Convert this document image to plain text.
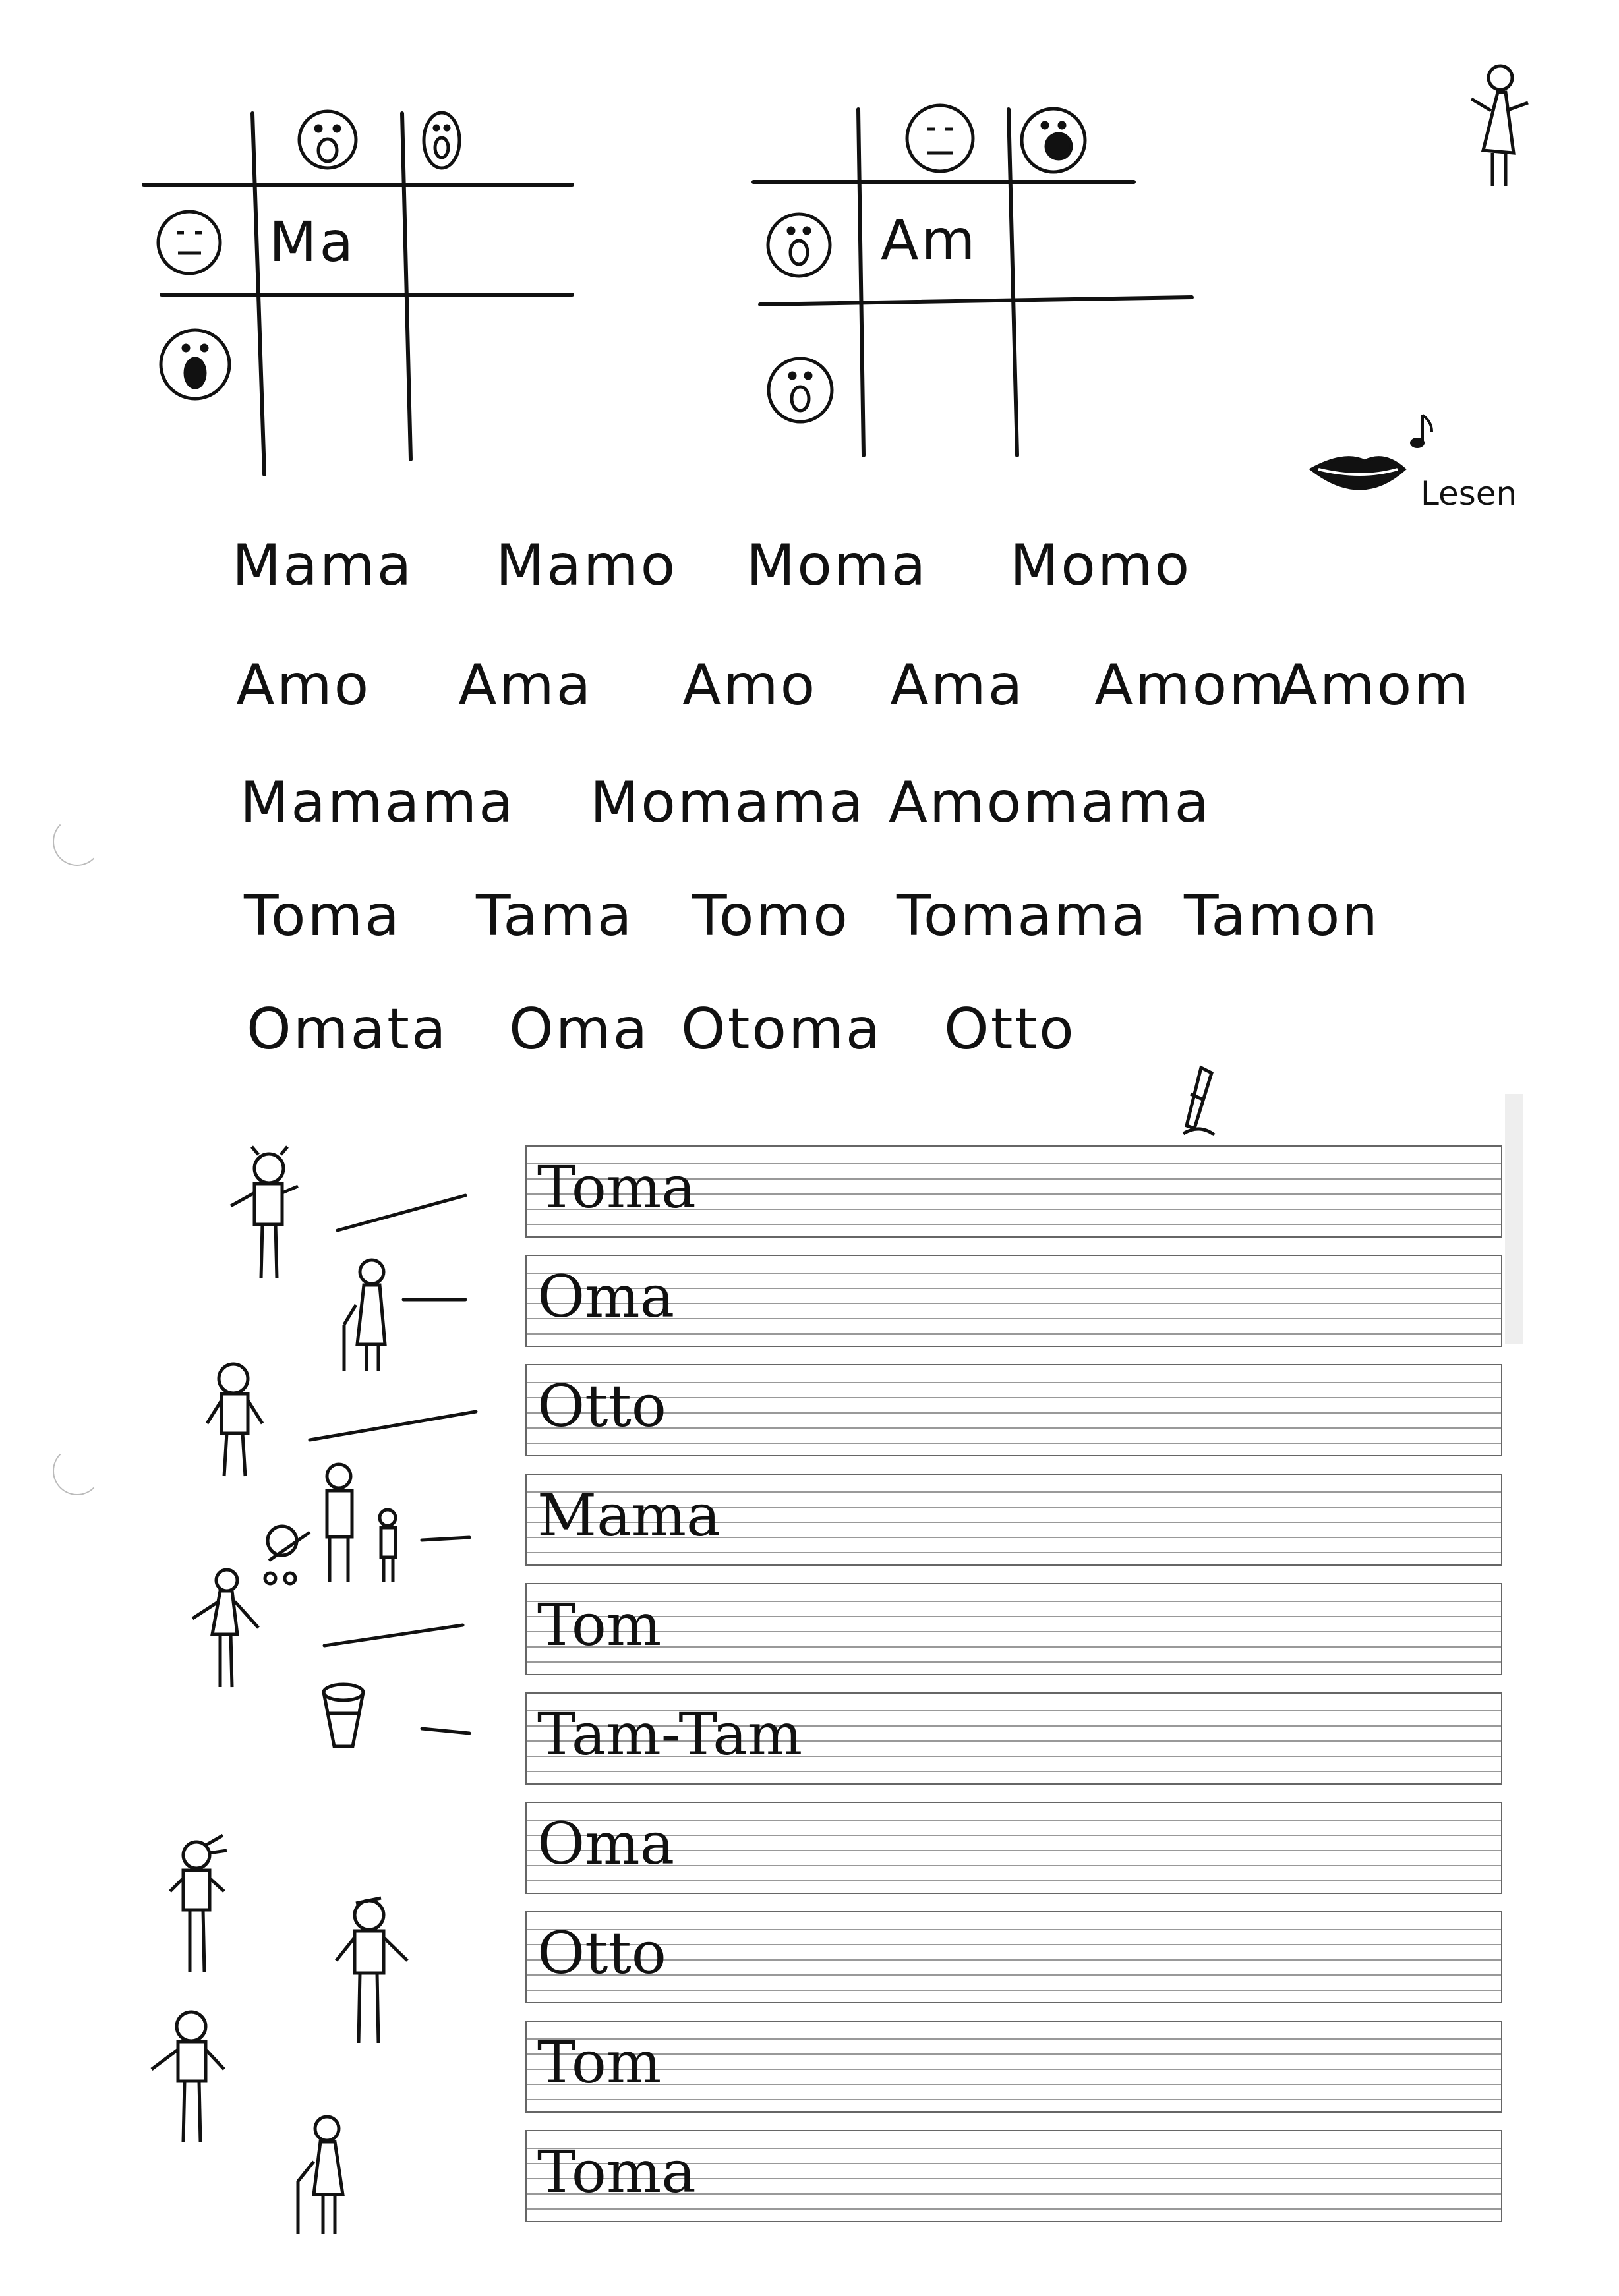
Ma	Am
Lesen
Mama Mamo Moma Momo
Amo Ama Amo Ama Amom
Amom
Mamama Momama Amomama
Toma Tama Tomo Tomama Tamon
Omata Oma Otoma Otto
Toma
Oma
Otto
Mama
Tom
Tam-Tam
Oma
Otto
Tom
Toma
